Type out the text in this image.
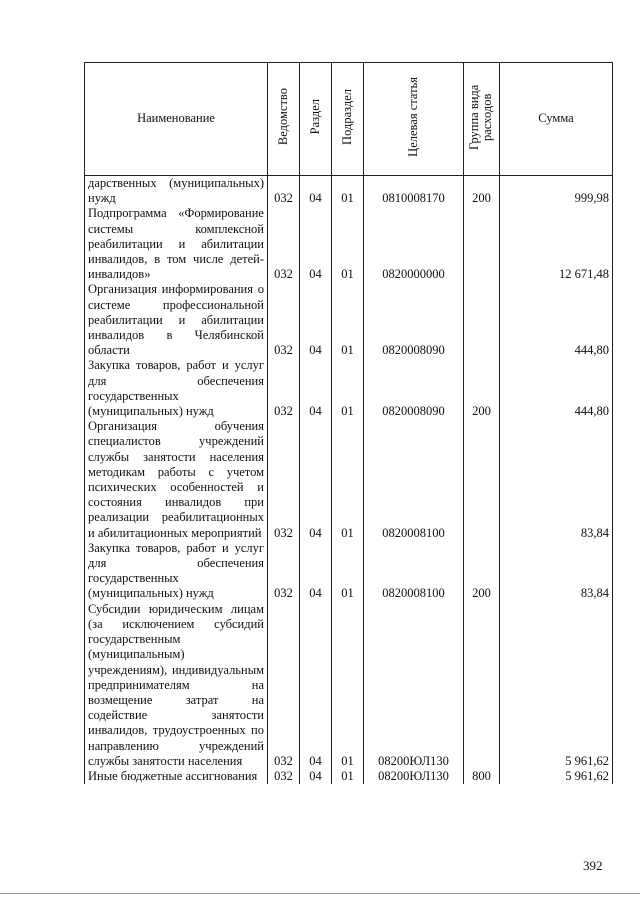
Наименование	Ведомство	Раздел	Подраздел	Целевая статья	Группа вида расходов	Сумма
дарственных (муниципальных) нужд	032	04	01	0810008170	200	999,98
Подпрограмма «Формирование системы комплексной реабилитации и абилитации инвалидов, в том числе детей-инвалидов»	032	04	01	0820000000		12 671,48
Организация информирования о системе профессиональной реабилитации и абилитации инвалидов в Челябинской области	032	04	01	0820008090		444,80
Закупка товаров, работ и услуг для обеспечения государственных (муниципальных) нужд	032	04	01	0820008090	200	444,80
Организация обучения специалистов учреждений службы занятости населения методикам работы с учетом психических особенностей и состояния инвалидов при реализации реабилитационных и абилитационных мероприятий	032	04	01	0820008100		83,84
Закупка товаров, работ и услуг для обеспечения государственных (муниципальных) нужд	032	04	01	0820008100	200	83,84
Субсидии юридическим лицам (за исключением субсидий государственным (муниципальным) учреждениям), индивидуальным предпринимателям на возмещение затрат на содействие занятости инвалидов, трудоустроенных по направлению учреждений службы занятости населения	032	04	01	08200ЮЛ130		5 961,62
Иные бюджетные ассигнования	032	04	01	08200ЮЛ130	800	5 961,62
392
